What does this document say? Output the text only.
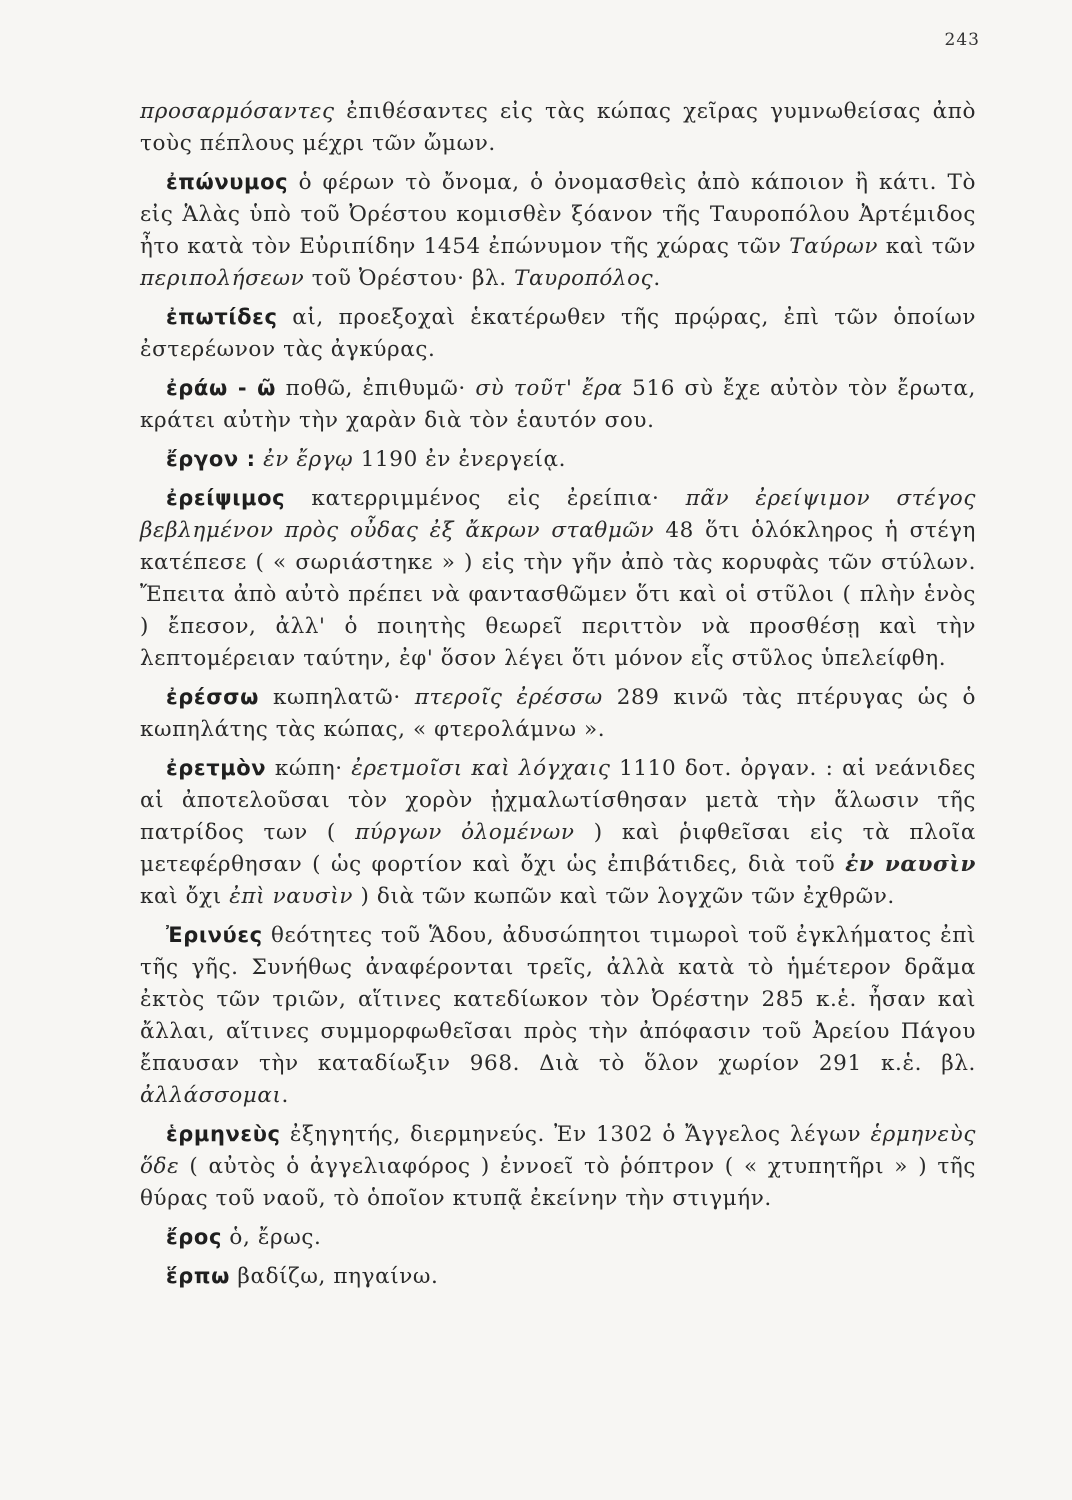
243

προσαρμόσαντες ἐπιθέσαντες εἰς τὰς κώπας χεῖρας γυμνωθείσας ἀπὸ τοὺς πέπλους μέχρι τῶν ὤμων.

ἐπώνυμος ὁ φέρων τὸ ὄνομα, ὁ ὀνομασθεὶς ἀπὸ κάποιον ἢ κάτι. Τὸ εἰς Ἁλὰς ὑπὸ τοῦ Ὀρέστου κομισθὲν ξόανον τῆς Ταυροπόλου Ἀρτέμιδος ἦτο κατὰ τὸν Εὐριπίδην 1454 ἐπώνυμον τῆς χώρας τῶν Ταύρων καὶ τῶν περιπολήσεων τοῦ Ὀρέστου· βλ. Ταυροπόλος.

ἐπωτίδες αἱ, προεξοχαὶ ἑκατέρωθεν τῆς πρῴρας, ἐπὶ τῶν ὁποίων ἐστερέωνον τὰς ἀγκύρας.

ἐράω - ῶ ποθῶ, ἐπιθυμῶ· σὺ τοῦτ' ἔρα 516 σὺ ἔχε αὐτὸν τὸν ἔρωτα, κράτει αὐτὴν τὴν χαρὰν διὰ τὸν ἑαυτόν σου.

ἔργον : ἐν ἔργῳ 1190 ἐν ἐνεργείᾳ.

ἐρείψιμος κατερριμμένος εἰς ἐρείπια· πᾶν ἐρείψιμον στέγος βεβλημένον πρὸς οὖδας ἐξ ἄκρων σταθμῶν 48 ὅτι ὁλόκληρος ἡ στέγη κατέπεσε ( « σωριάστηκε » ) εἰς τὴν γῆν ἀπὸ τὰς κορυφὰς τῶν στύλων. Ἔπειτα ἀπὸ αὐτὸ πρέπει νὰ φαντασθῶμεν ὅτι καὶ οἱ στῦλοι ( πλὴν ἑνὸς ) ἔπεσον, ἀλλ' ὁ ποιητὴς θεωρεῖ περιττὸν νὰ προσθέσῃ καὶ τὴν λεπτομέρειαν ταύτην, ἐφ' ὅσον λέγει ὅτι μόνον εἷς στῦλος ὑπελείφθη.

ἐρέσσω κωπηλατῶ· πτεροῖς ἐρέσσω 289 κινῶ τὰς πτέρυγας ὡς ὁ κωπηλάτης τὰς κώπας, « φτερολάμνω ».

ἐρετμὸν κώπη· ἐρετμοῖσι καὶ λόγχαις 1110 δοτ. ὀργαν. : αἱ νεάνιδες αἱ ἀποτελοῦσαι τὸν χορὸν ᾐχμαλωτίσθησαν μετὰ τὴν ἅλωσιν τῆς πατρίδος των ( πύργων ὀλομένων ) καὶ ῥιφθεῖσαι εἰς τὰ πλοῖα μετεφέρθησαν ( ὡς φορτίον καὶ ὄχι ὡς ἐπιβάτιδες, διὰ τοῦ ἐν ναυσὶν καὶ ὄχι ἐπὶ ναυσὶν ) διὰ τῶν κωπῶν καὶ τῶν λογχῶν τῶν ἐχθρῶν.

Ἐρινύες θεότητες τοῦ Ἅδου, ἀδυσώπητοι τιμωροὶ τοῦ ἐγκλήματος ἐπὶ τῆς γῆς. Συνήθως ἀναφέρονται τρεῖς, ἀλλὰ κατὰ τὸ ἡμέτερον δρᾶμα ἐκτὸς τῶν τριῶν, αἵτινες κατεδίωκον τὸν Ὀρέστην 285 κ.ἑ. ἦσαν καὶ ἄλλαι, αἵτινες συμμορφωθεῖσαι πρὸς τὴν ἀπόφασιν τοῦ Ἀρείου Πάγου ἔπαυσαν τὴν καταδίωξιν 968. Διὰ τὸ ὅλον χωρίον 291 κ.ἑ. βλ. ἀλλάσσομαι.

ἑρμηνεὺς ἐξηγητής, διερμηνεύς. Ἐν 1302 ὁ Ἄγγελος λέγων ἑρμηνεὺς ὅδε ( αὐτὸς ὁ ἀγγελιαφόρος ) ἐννοεῖ τὸ ῥόπτρον ( « χτυπητῆρι » ) τῆς θύρας τοῦ ναοῦ, τὸ ὁποῖον κτυπᾷ ἐκείνην τὴν στιγμήν.

ἔρος ὁ, ἔρως.

ἕρπω βαδίζω, πηγαίνω.
